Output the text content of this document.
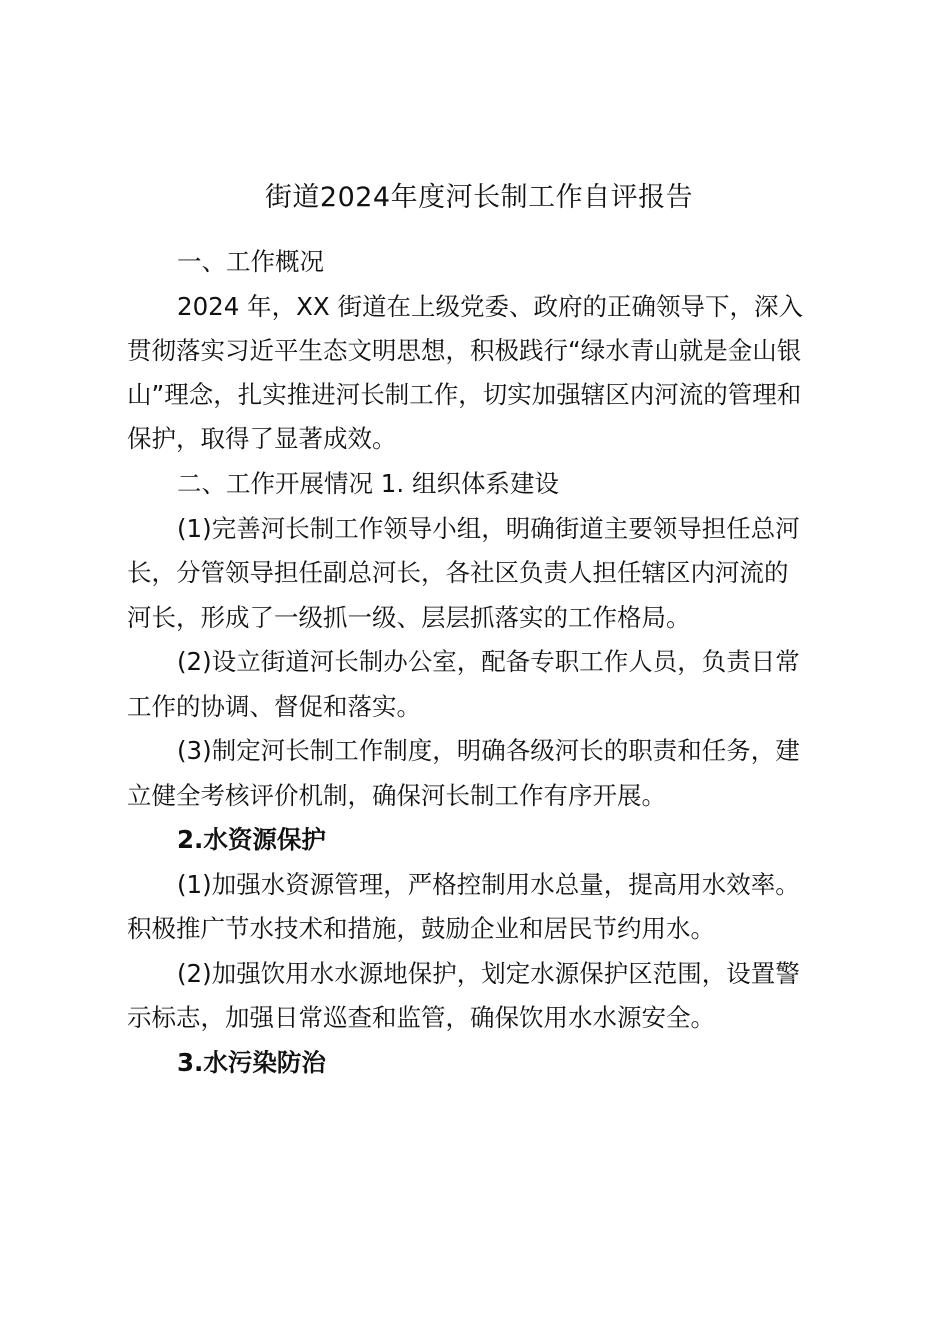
街道2024年度河长制工作自评报告
一、工作概况
2024 年，XX 街道在上级党委、政府的正确领导下，深入
贯彻落实习近平生态文明思想，积极践行“绿水青山就是金山银
山”理念，扎实推进河长制工作，切实加强辖区内河流的管理和
保护，取得了显著成效。
二、工作开展情况 1. 组织体系建设
(1)完善河长制工作领导小组，明确街道主要领导担任总河
长，分管领导担任副总河长，各社区负责人担任辖区内河流的
河长，形成了一级抓一级、层层抓落实的工作格局。
(2)设立街道河长制办公室，配备专职工作人员，负责日常
工作的协调、督促和落实。
(3)制定河长制工作制度，明确各级河长的职责和任务，建
立健全考核评价机制，确保河长制工作有序开展。
2.水资源保护
(1)加强水资源管理，严格控制用水总量，提高用水效率。
积极推广节水技术和措施，鼓励企业和居民节约用水。
(2)加强饮用水水源地保护，划定水源保护区范围，设置警
示标志，加强日常巡查和监管，确保饮用水水源安全。
3.水污染防治
